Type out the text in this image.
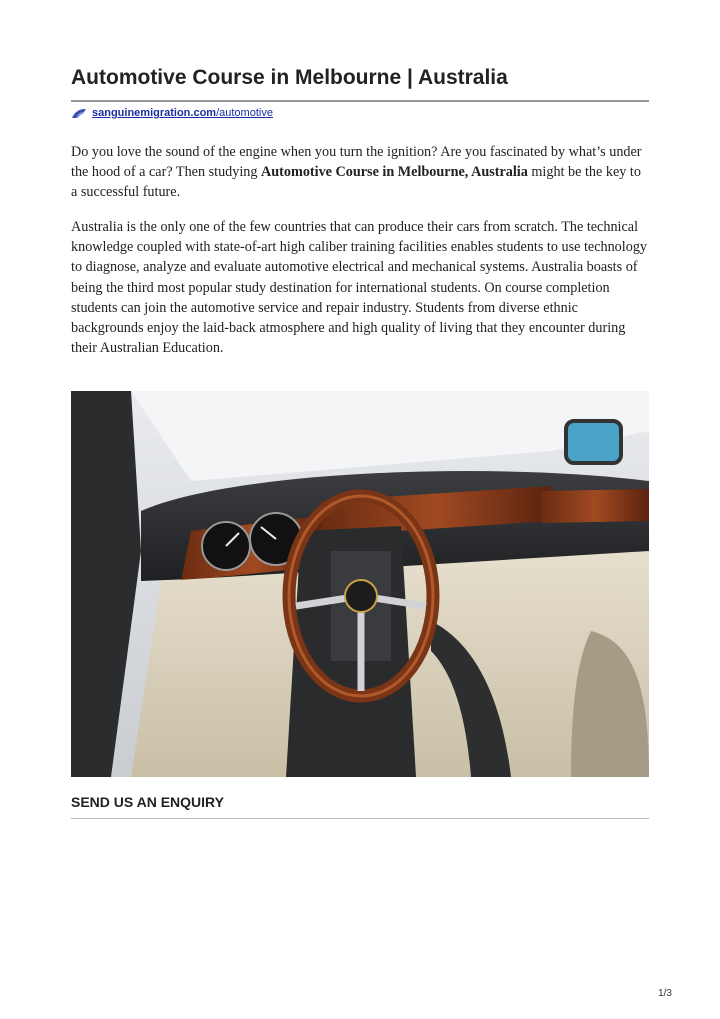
Automotive Course in Melbourne | Australia
sanguinemigration.com /automotive

Do you love the sound of the engine when you turn the ignition? Are you fascinated by what’s under the hood of a car? Then studying Automotive Course in Melbourne, Australia might be the key to a successful future.

Australia is the only one of the few countries that can produce their cars from scratch. The technical knowledge coupled with state-of-art high caliber training facilities enables students to use technology to diagnose, analyze and evaluate automotive electrical and mechanical systems. Australia boasts of being the third most popular study destination for international students. On course completion students can join the automotive service and repair industry. Students from diverse ethnic backgrounds enjoy the laid-back atmosphere and high quality of living that they encounter during their Australian Education.

SEND US AN ENQUIRY
1/3
